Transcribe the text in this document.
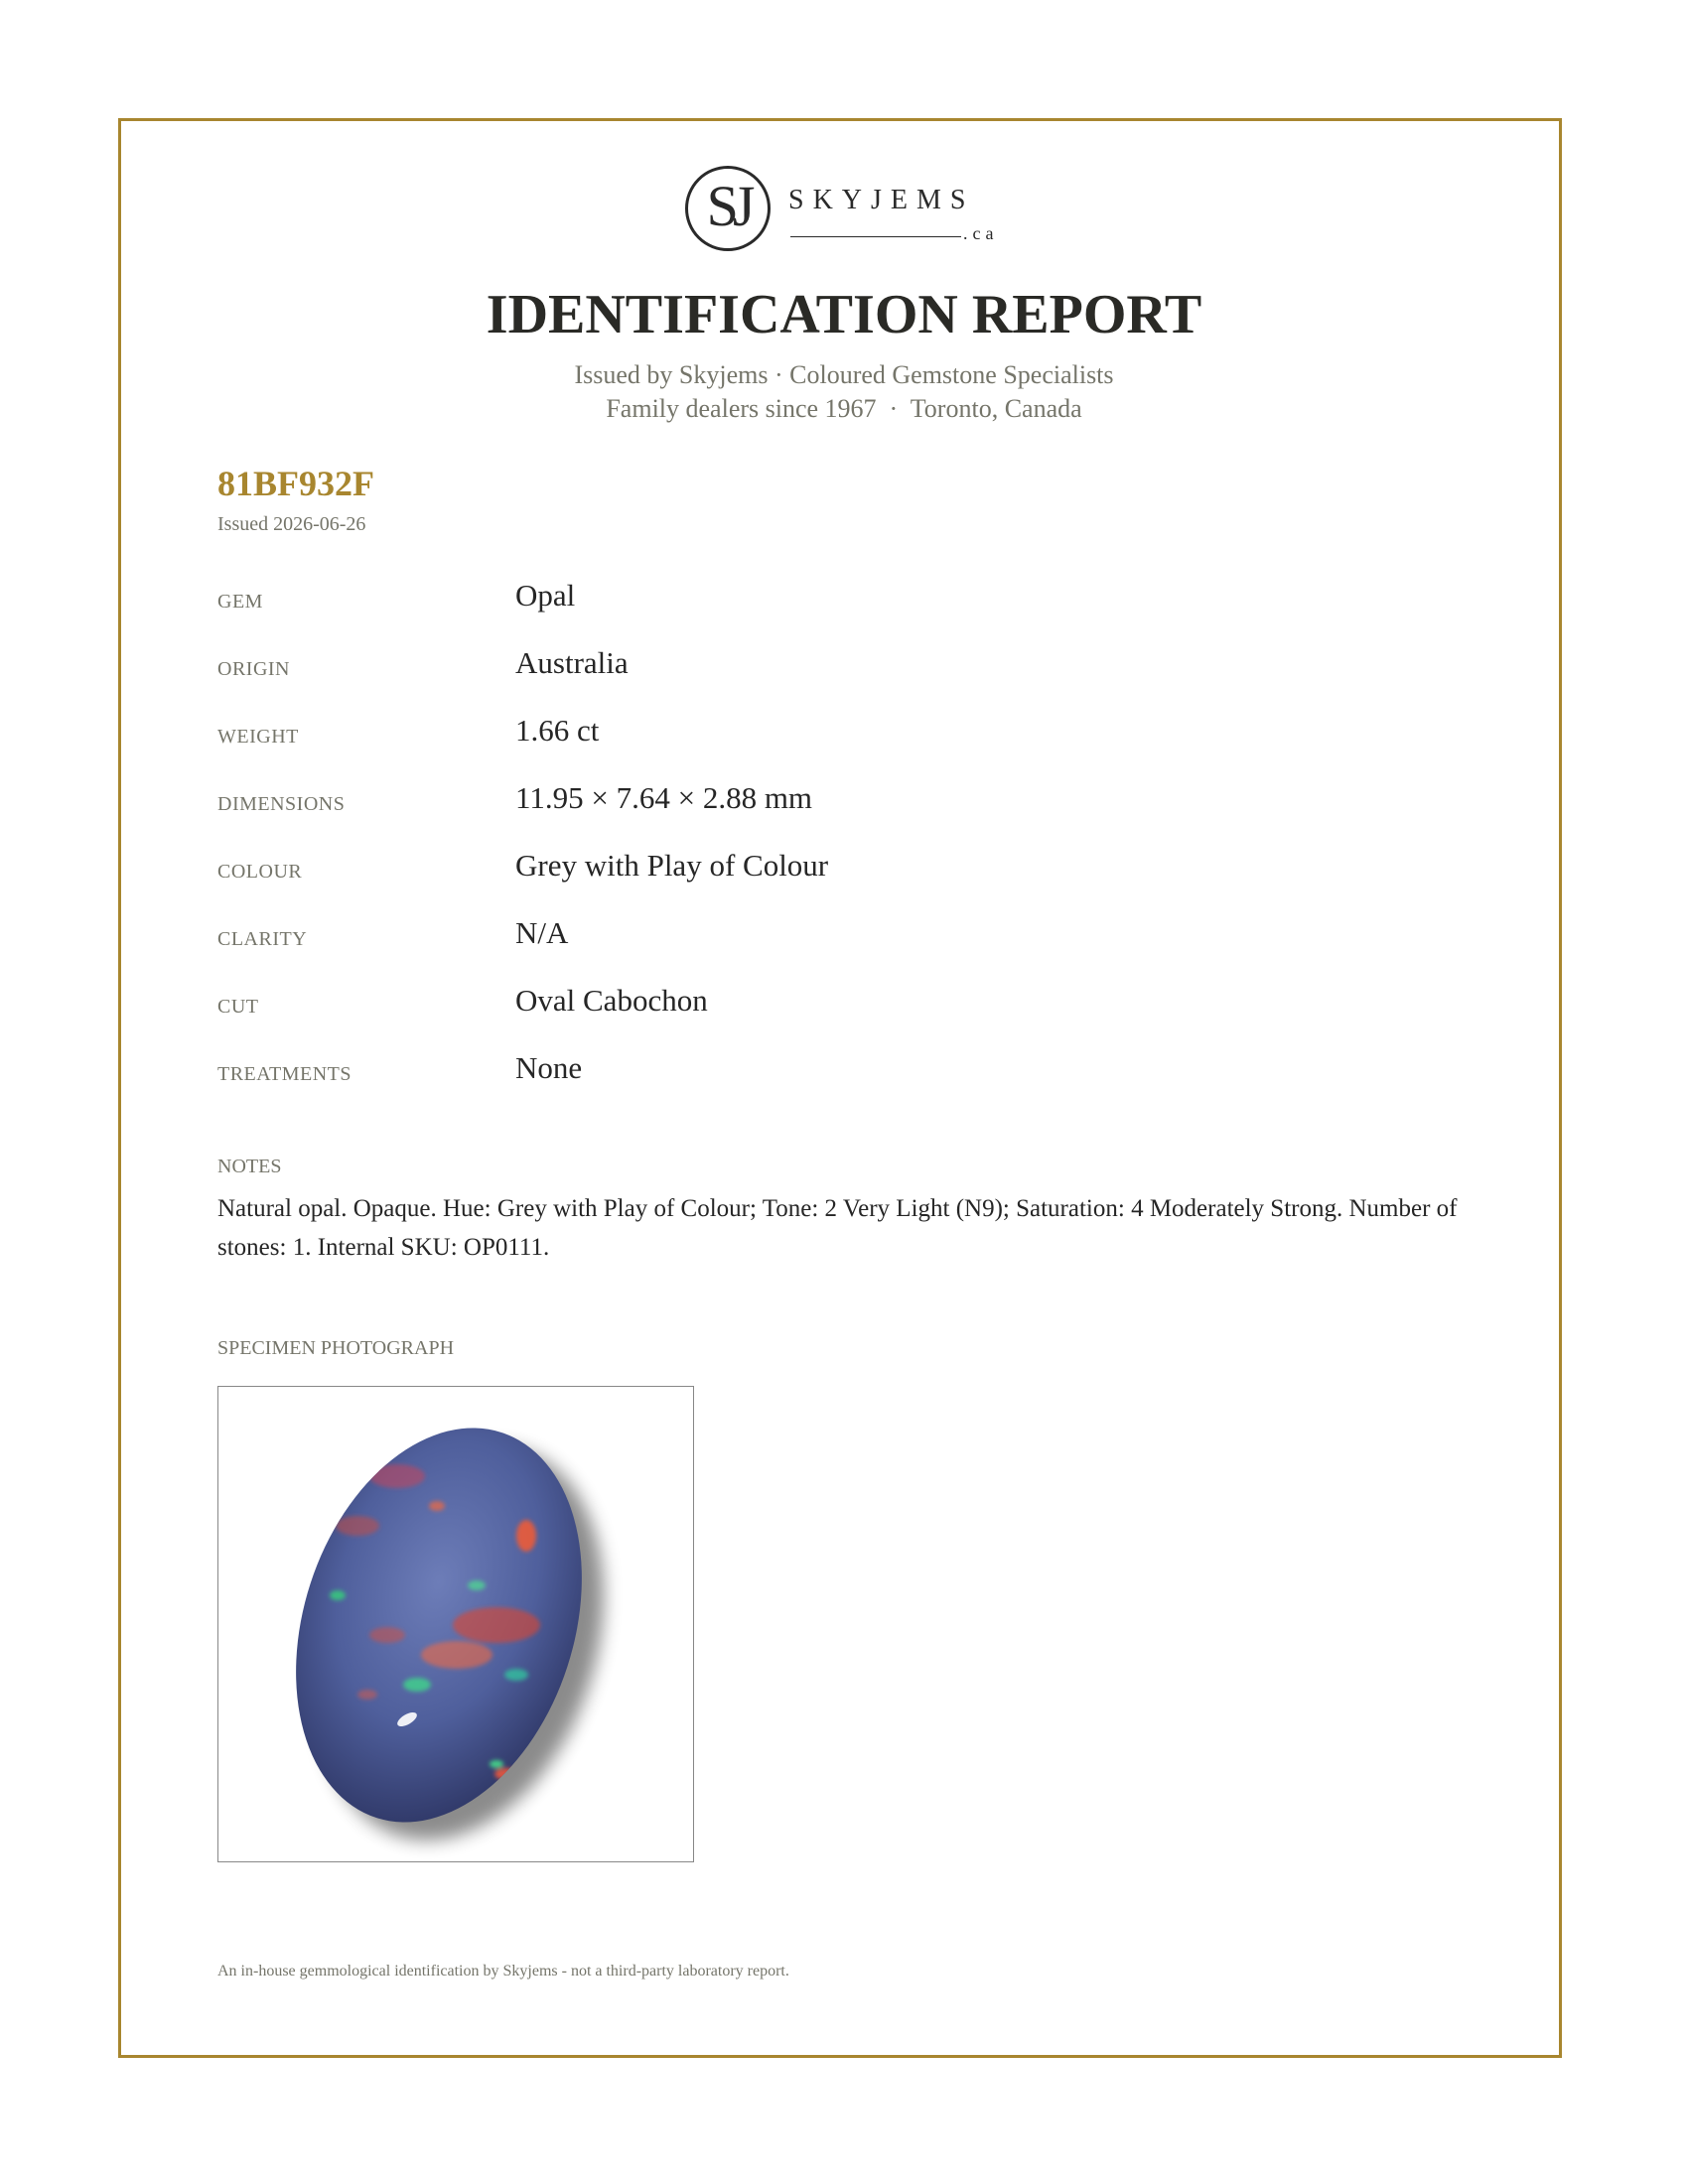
SJ	SKYJEMS
.ca
IDENTIFICATION REPORT
Issued by Skyjems · Coloured Gemstone Specialists
Family dealers since 1967  ·  Toronto, Canada
81BF932F
Issued 2026-06-26
GEM	Opal
ORIGIN	Australia
WEIGHT	1.66 ct
DIMENSIONS	11.95 × 7.64 × 2.88 mm
COLOUR	Grey with Play of Colour
CLARITY	N/A
CUT	Oval Cabochon
TREATMENTS	None
NOTES
Natural opal. Opaque. Hue: Grey with Play of Colour; Tone: 2 Very Light (N9); Saturation: 4 Moderately Strong. Number of stones: 1. Internal SKU: OP0111.
SPECIMEN PHOTOGRAPH
An in-house gemmological identification by Skyjems - not a third-party laboratory report.
